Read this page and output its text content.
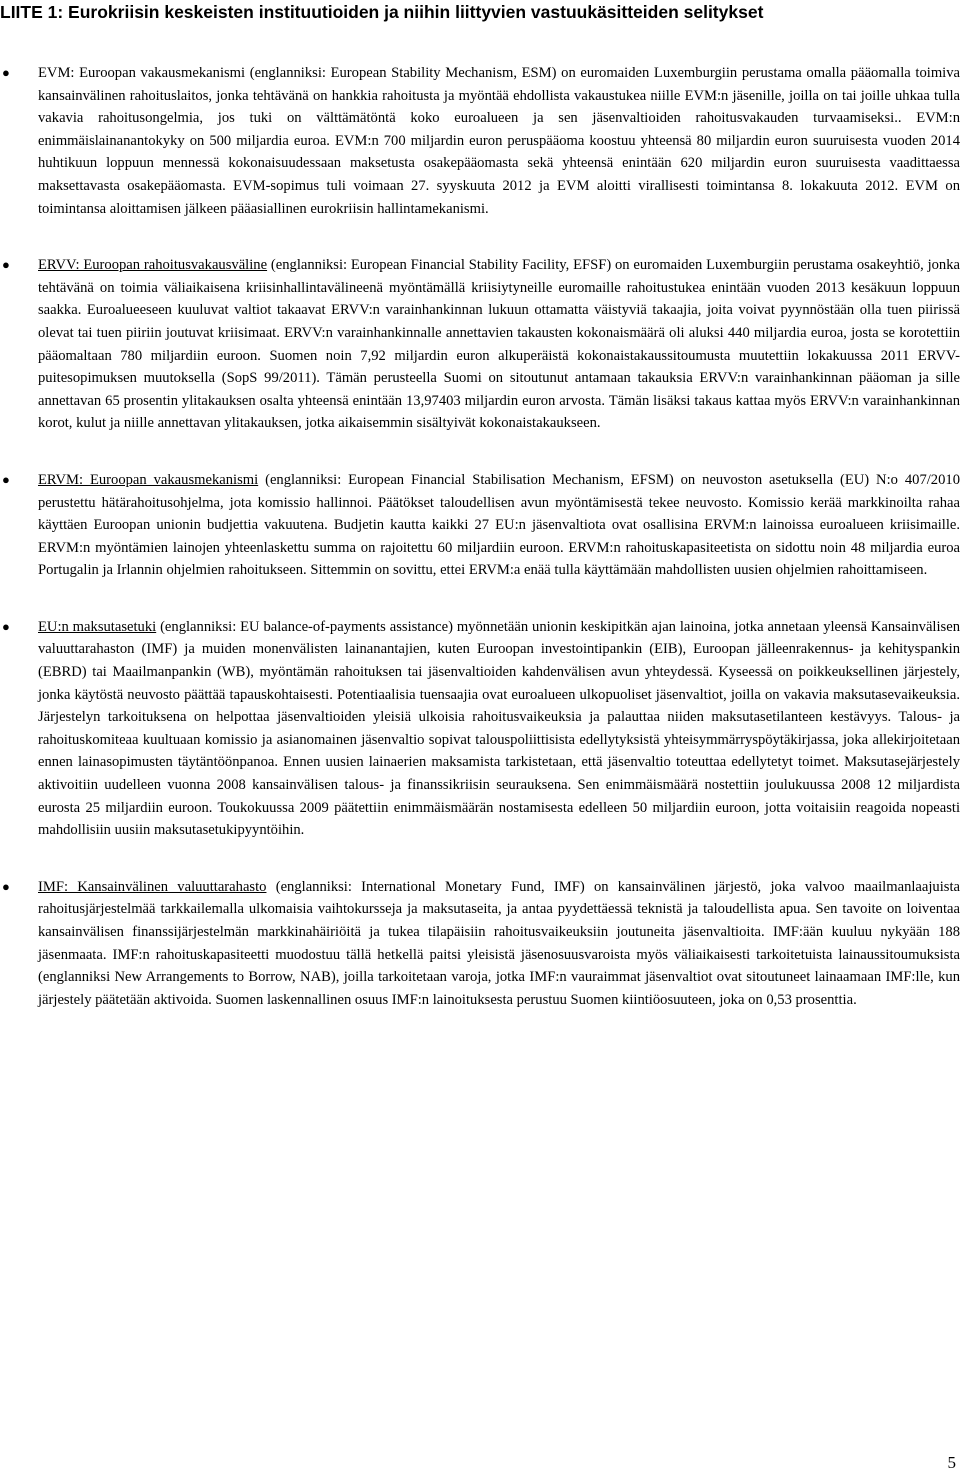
LIITE 1: Eurokriisin keskeisten instituutioiden ja niihin liittyvien vastuukäsitteiden selitykset
● EVM: Euroopan vakausmekanismi (englanniksi: European Stability Mechanism, ESM) on euromaiden Luxemburgiin perustama omalla pääomalla toimiva kansainvälinen rahoituslaitos, jonka tehtävänä on hankkia rahoitusta ja myöntää ehdollista vakaustukea niille EVM:n jäsenille, joilla on tai joille uhkaa tulla vakavia rahoitusongelmia, jos tuki on välttämätöntä koko euroalueen ja sen jäsenvaltioiden rahoitusvakauden turvaamiseksi.. EVM:n enimmäislainanantokyky on 500 miljardia euroa. EVM:n 700 miljardin euron peruspääoma koostuu yhteensä 80 miljardin euron suuruisesta vuoden 2014 huhtikuun loppuun mennessä kokonaisuudessaan maksetusta osakepääomasta sekä yhteensä enintään 620 miljardin euron suuruisesta vaadittaessa maksettavasta osakepääomasta. EVM-sopimus tuli voimaan 27. syyskuuta 2012 ja EVM aloitti virallisesti toimintansa 8. lokakuuta 2012. EVM on toimintansa aloittamisen jälkeen pääasiallinen eurokriisin hallintamekanismi.
● ERVV: Euroopan rahoitusvakausväline (englanniksi: European Financial Stability Facility, EFSF) on euromaiden Luxemburgiin perustama osakeyhtiö, jonka tehtävänä on toimia väliaikaisena kriisinhallintavälineenä myöntämällä kriisiytyneille euromaille rahoitustukea enintään vuoden 2013 kesäkuun loppuun saakka. Euroalueeseen kuuluvat valtiot takaavat ERVV:n varainhankinnan lukuun ottamatta väistyviä takaajia, joita voivat pyynnöstään olla tuen piirissä olevat tai tuen piiriin joutuvat kriisimaat. ERVV:n varainhankinnalle annettavien takausten kokonaismäärä oli aluksi 440 miljardia euroa, josta se korotettiin pääomaltaan 780 miljardiin euroon. Suomen noin 7,92 miljardin euron alkuperäistä kokonaistakaussitoumusta muutettiin lokakuussa 2011 ERVV-puitesopimuksen muutoksella (SopS 99/2011). Tämän perusteella Suomi on sitoutunut antamaan takauksia ERVV:n varainhankinnan pääoman ja sille annettavan 65 prosentin ylitakauksen osalta yhteensä enintään 13,97403 miljardin euron arvosta. Tämän lisäksi takaus kattaa myös ERVV:n varainhankinnan korot, kulut ja niille annettavan ylitakauksen, jotka aikaisemmin sisältyivät kokonaistakaukseen.
● ERVM: Euroopan vakausmekanismi (englanniksi: European Financial Stabilisation Mechanism, EFSM) on neuvoston asetuksella (EU) N:o 407/2010 perustettu hätärahoitusohjelma, jota komissio hallinnoi. Päätökset taloudellisen avun myöntämisestä tekee neuvosto. Komissio kerää markkinoilta rahaa käyttäen Euroopan unionin budjettia vakuutena. Budjetin kautta kaikki 27 EU:n jäsenvaltiota ovat osallisina ERVM:n lainoissa euroalueen kriisimaille. ERVM:n myöntämien lainojen yhteenlaskettu summa on rajoitettu 60 miljardiin euroon. ERVM:n rahoituskapasiteetista on sidottu noin 48 miljardia euroa Portugalin ja Irlannin ohjelmien rahoitukseen. Sittemmin on sovittu, ettei ERVM:a enää tulla käyttämään mahdollisten uusien ohjelmien rahoittamiseen.
● EU:n maksutasetuki (englanniksi: EU balance-of-payments assistance) myönnetään unionin keskipitkän ajan lainoina, jotka annetaan yleensä Kansainvälisen valuuttarahaston (IMF) ja muiden monenvälisten lainanantajien, kuten Euroopan investointipankin (EIB), Euroopan jälleenrakennus- ja kehityspankin (EBRD) tai Maailmanpankin (WB), myöntämän rahoituksen tai jäsenvaltioiden kahdenvälisen avun yhteydessä. Kyseessä on poikkeuksellinen järjestely, jonka käytöstä neuvosto päättää tapauskohtaisesti. Potentiaalisia tuensaajia ovat euroalueen ulkopuoliset jäsenvaltiot, joilla on vakavia maksutasevaikeuksia. Järjestelyn tarkoituksena on helpottaa jäsenvaltioiden yleisiä ulkoisia rahoitusvaikeuksia ja palauttaa niiden maksutasetilanteen kestävyys. Talous- ja rahoituskomiteaa kuultuaan komissio ja asianomainen jäsenvaltio sopivat talouspoliittisista edellytyksistä yhteisymmärryspöytäkirjassa, joka allekirjoitetaan ennen lainasopimusten täytäntöönpanoa. Ennen uusien lainaerien maksamista tarkistetaan, että jäsenvaltio toteuttaa edellytetyt toimet. Maksutasejärjestely aktivoitiin uudelleen vuonna 2008 kansainvälisen talous- ja finanssikriisin seurauksena. Sen enimmäismäärä nostettiin joulukuussa 2008 12 miljardista eurosta 25 miljardiin euroon. Toukokuussa 2009 päätettiin enimmäismäärän nostamisesta edelleen 50 miljardiin euroon, jotta voitaisiin reagoida nopeasti mahdollisiin uusiin maksutasetukipyyntöihin.
● IMF: Kansainvälinen valuuttarahasto (englanniksi: International Monetary Fund, IMF) on kansainvälinen järjestö, joka valvoo maailmanlaajuista rahoitusjärjestelmää tarkkailemalla ulkomaisia vaihtokursseja ja maksutaseita, ja antaa pyydettäessä teknistä ja taloudellista apua. Sen tavoite on loiventaa kansainvälisen finanssijärjestelmän markkinahäiriöitä ja tukea tilapäisiin rahoitusvaikeuksiin joutuneita jäsenvaltioita. IMF:ään kuuluu nykyään 188 jäsenmaata. IMF:n rahoituskapasiteetti muodostuu tällä hetkellä paitsi yleisistä jäsenosuusvaroista myös väliaikaisesti tarkoitetuista lainaussitoumuksista (englanniksi New Arrangements to Borrow, NAB), joilla tarkoitetaan varoja, jotka IMF:n vauraimmat jäsenvaltiot ovat sitoutuneet lainaamaan IMF:lle, kun järjestely päätetään aktivoida. Suomen laskennallinen osuus IMF:n lainoituksesta perustuu Suomen kiintiöosuuteen, joka on 0,53 prosenttia.
5
